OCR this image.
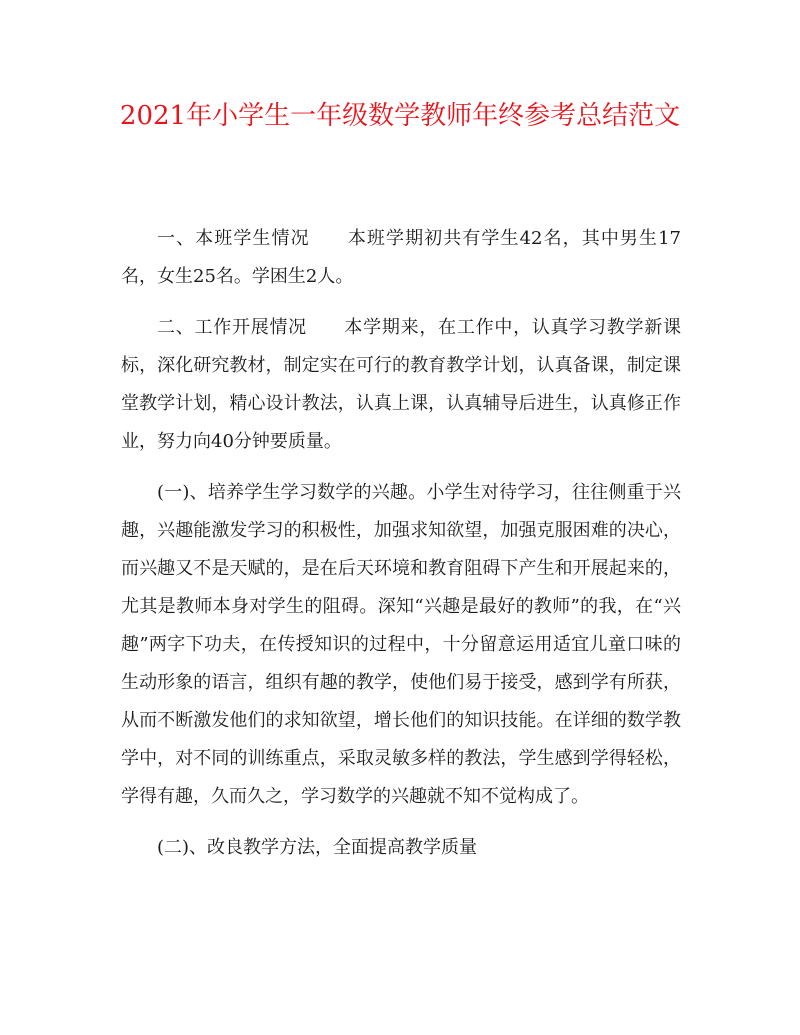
2021年小学生一年级数学教师年终参考总结范文

一、本班学生情况　　本班学期初共有学生42名，其中男生17名，女生25名。学困生2人。

二、工作开展情况　　本学期来，在工作中，认真学习教学新课标，深化研究教材，制定实在可行的教育教学计划，认真备课，制定课堂教学计划，精心设计教法，认真上课，认真辅导后进生，认真修正作业，努力向40分钟要质量。

(一)、培养学生学习数学的兴趣。小学生对待学习，往往侧重于兴趣，兴趣能激发学习的积极性，加强求知欲望，加强克服困难的决心，而兴趣又不是天赋的，是在后天环境和教育阻碍下产生和开展起来的，尤其是教师本身对学生的阻碍。深知“兴趣是最好的教师”的我，在“兴趣”两字下功夫，在传授知识的过程中，十分留意运用适宜儿童口味的生动形象的语言，组织有趣的教学，使他们易于接受，感到学有所获，从而不断激发他们的求知欲望，增长他们的知识技能。在详细的数学教学中，对不同的训练重点，采取灵敏多样的教法，学生感到学得轻松，学得有趣，久而久之，学习数学的兴趣就不知不觉构成了。

(二)、改良教学方法，全面提高教学质量
